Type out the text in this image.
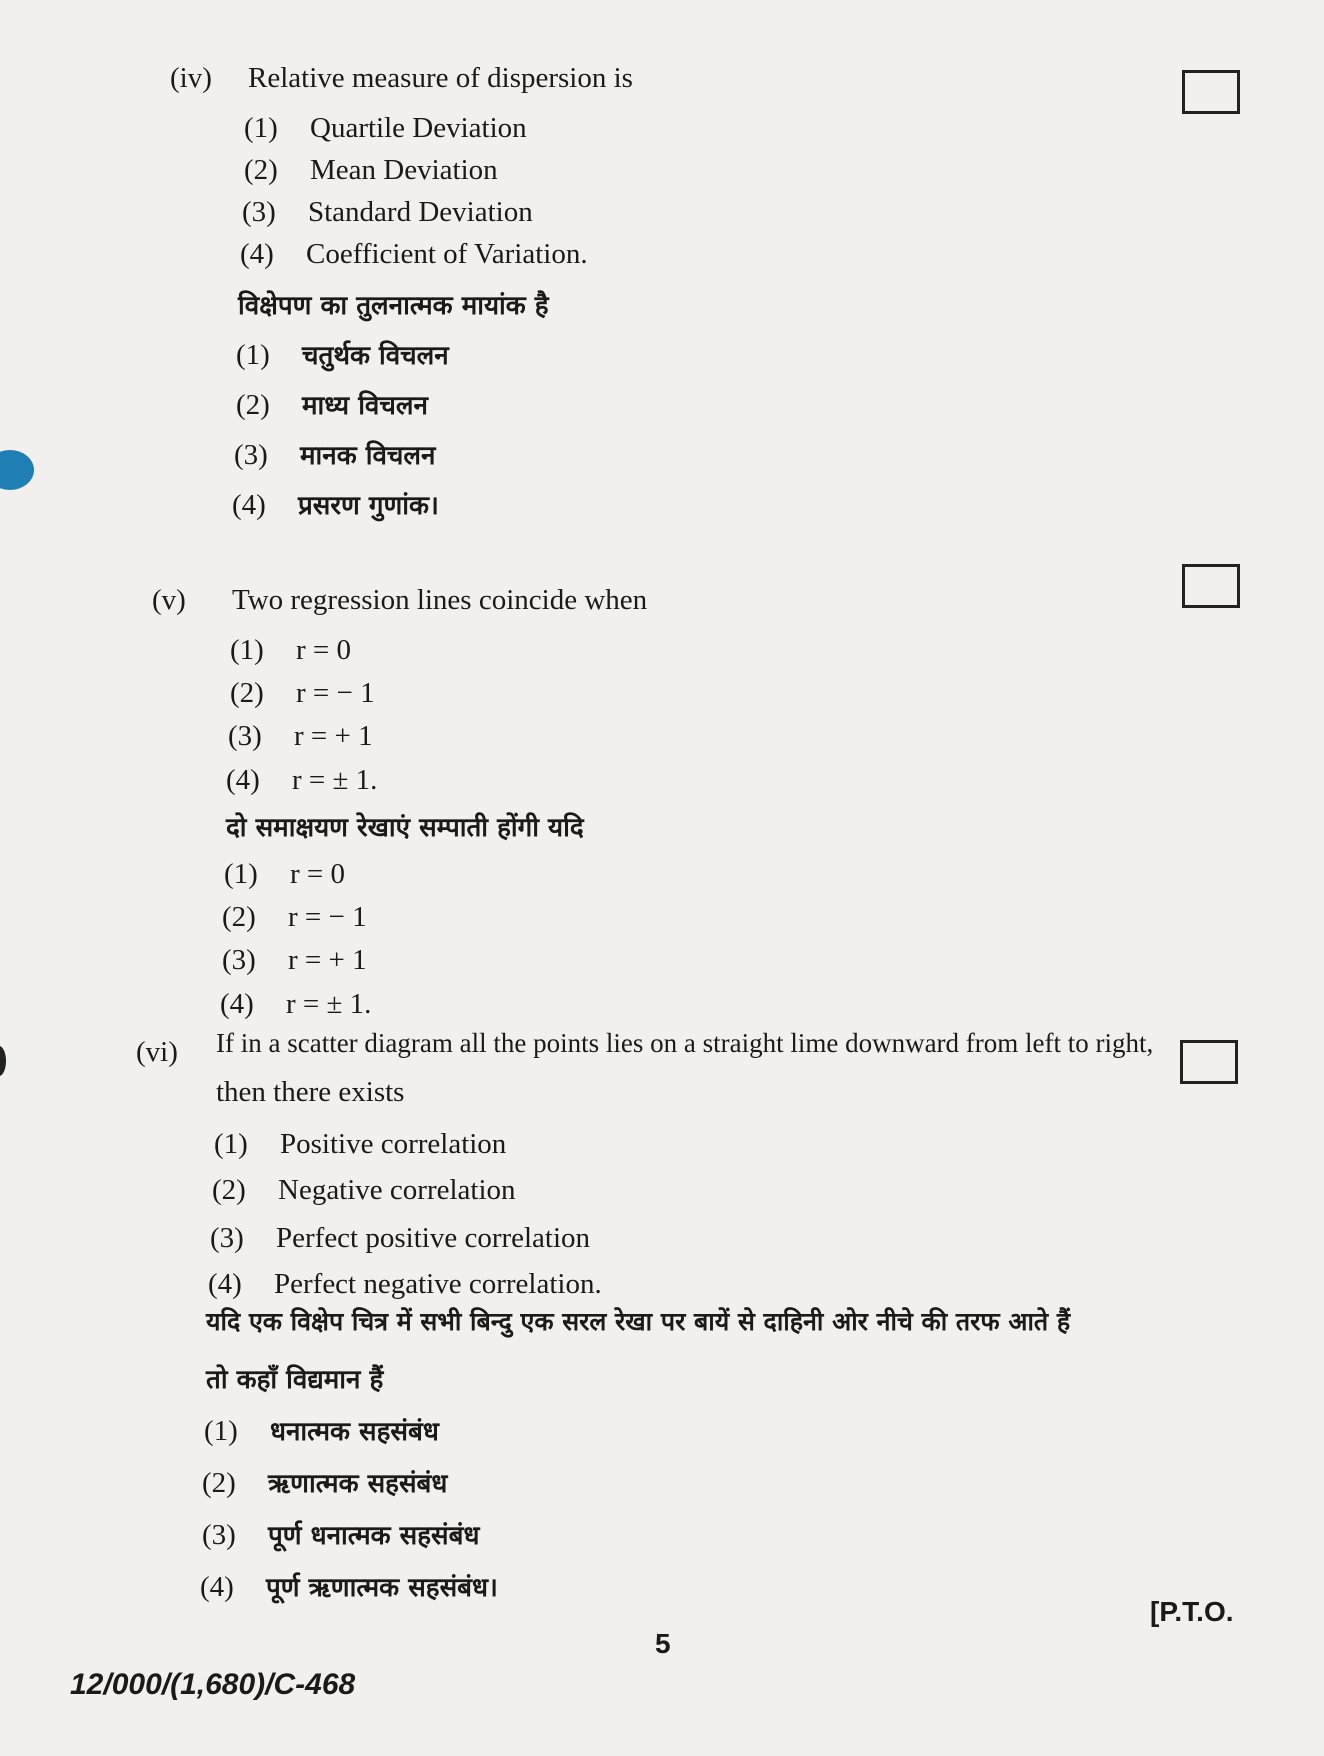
(iv) Relative measure of dispersion is
(1) Quartile Deviation
(2) Mean Deviation
(3) Standard Deviation
(4) Coefficient of Variation.
विक्षेपण का तुलनात्मक मायांक है
(1) चतुर्थक विचलन
(2) माध्य विचलन
(3) मानक विचलन
(4) प्रसरण गुणांक।
(v) Two regression lines coincide when
(1) r = 0
(2) r = − 1
(3) r = + 1
(4) r = ± 1.
दो समाक्षयण रेखाएं सम्पाती होंगी यदि
(1) r = 0
(2) r = − 1
(3) r = + 1
(4) r = ± 1.
(vi) If in a scatter diagram all the points lies on a straight lime downward from left to right,
then there exists
(1) Positive correlation
(2) Negative correlation
(3) Perfect positive correlation
(4) Perfect negative correlation.
यदि एक विक्षेप चित्र में सभी बिन्दु एक सरल रेखा पर बायें से दाहिनी ओर नीचे की तरफ आते हैं
तो कहाँ विद्यमान हैं
(1) धनात्मक सहसंबंध
(2) ऋणात्मक सहसंबंध
(3) पूर्ण धनात्मक सहसंबंध
(4) पूर्ण ऋणात्मक सहसंबंध।
[P.T.O.
5
12/000/(1,680)/C-468
